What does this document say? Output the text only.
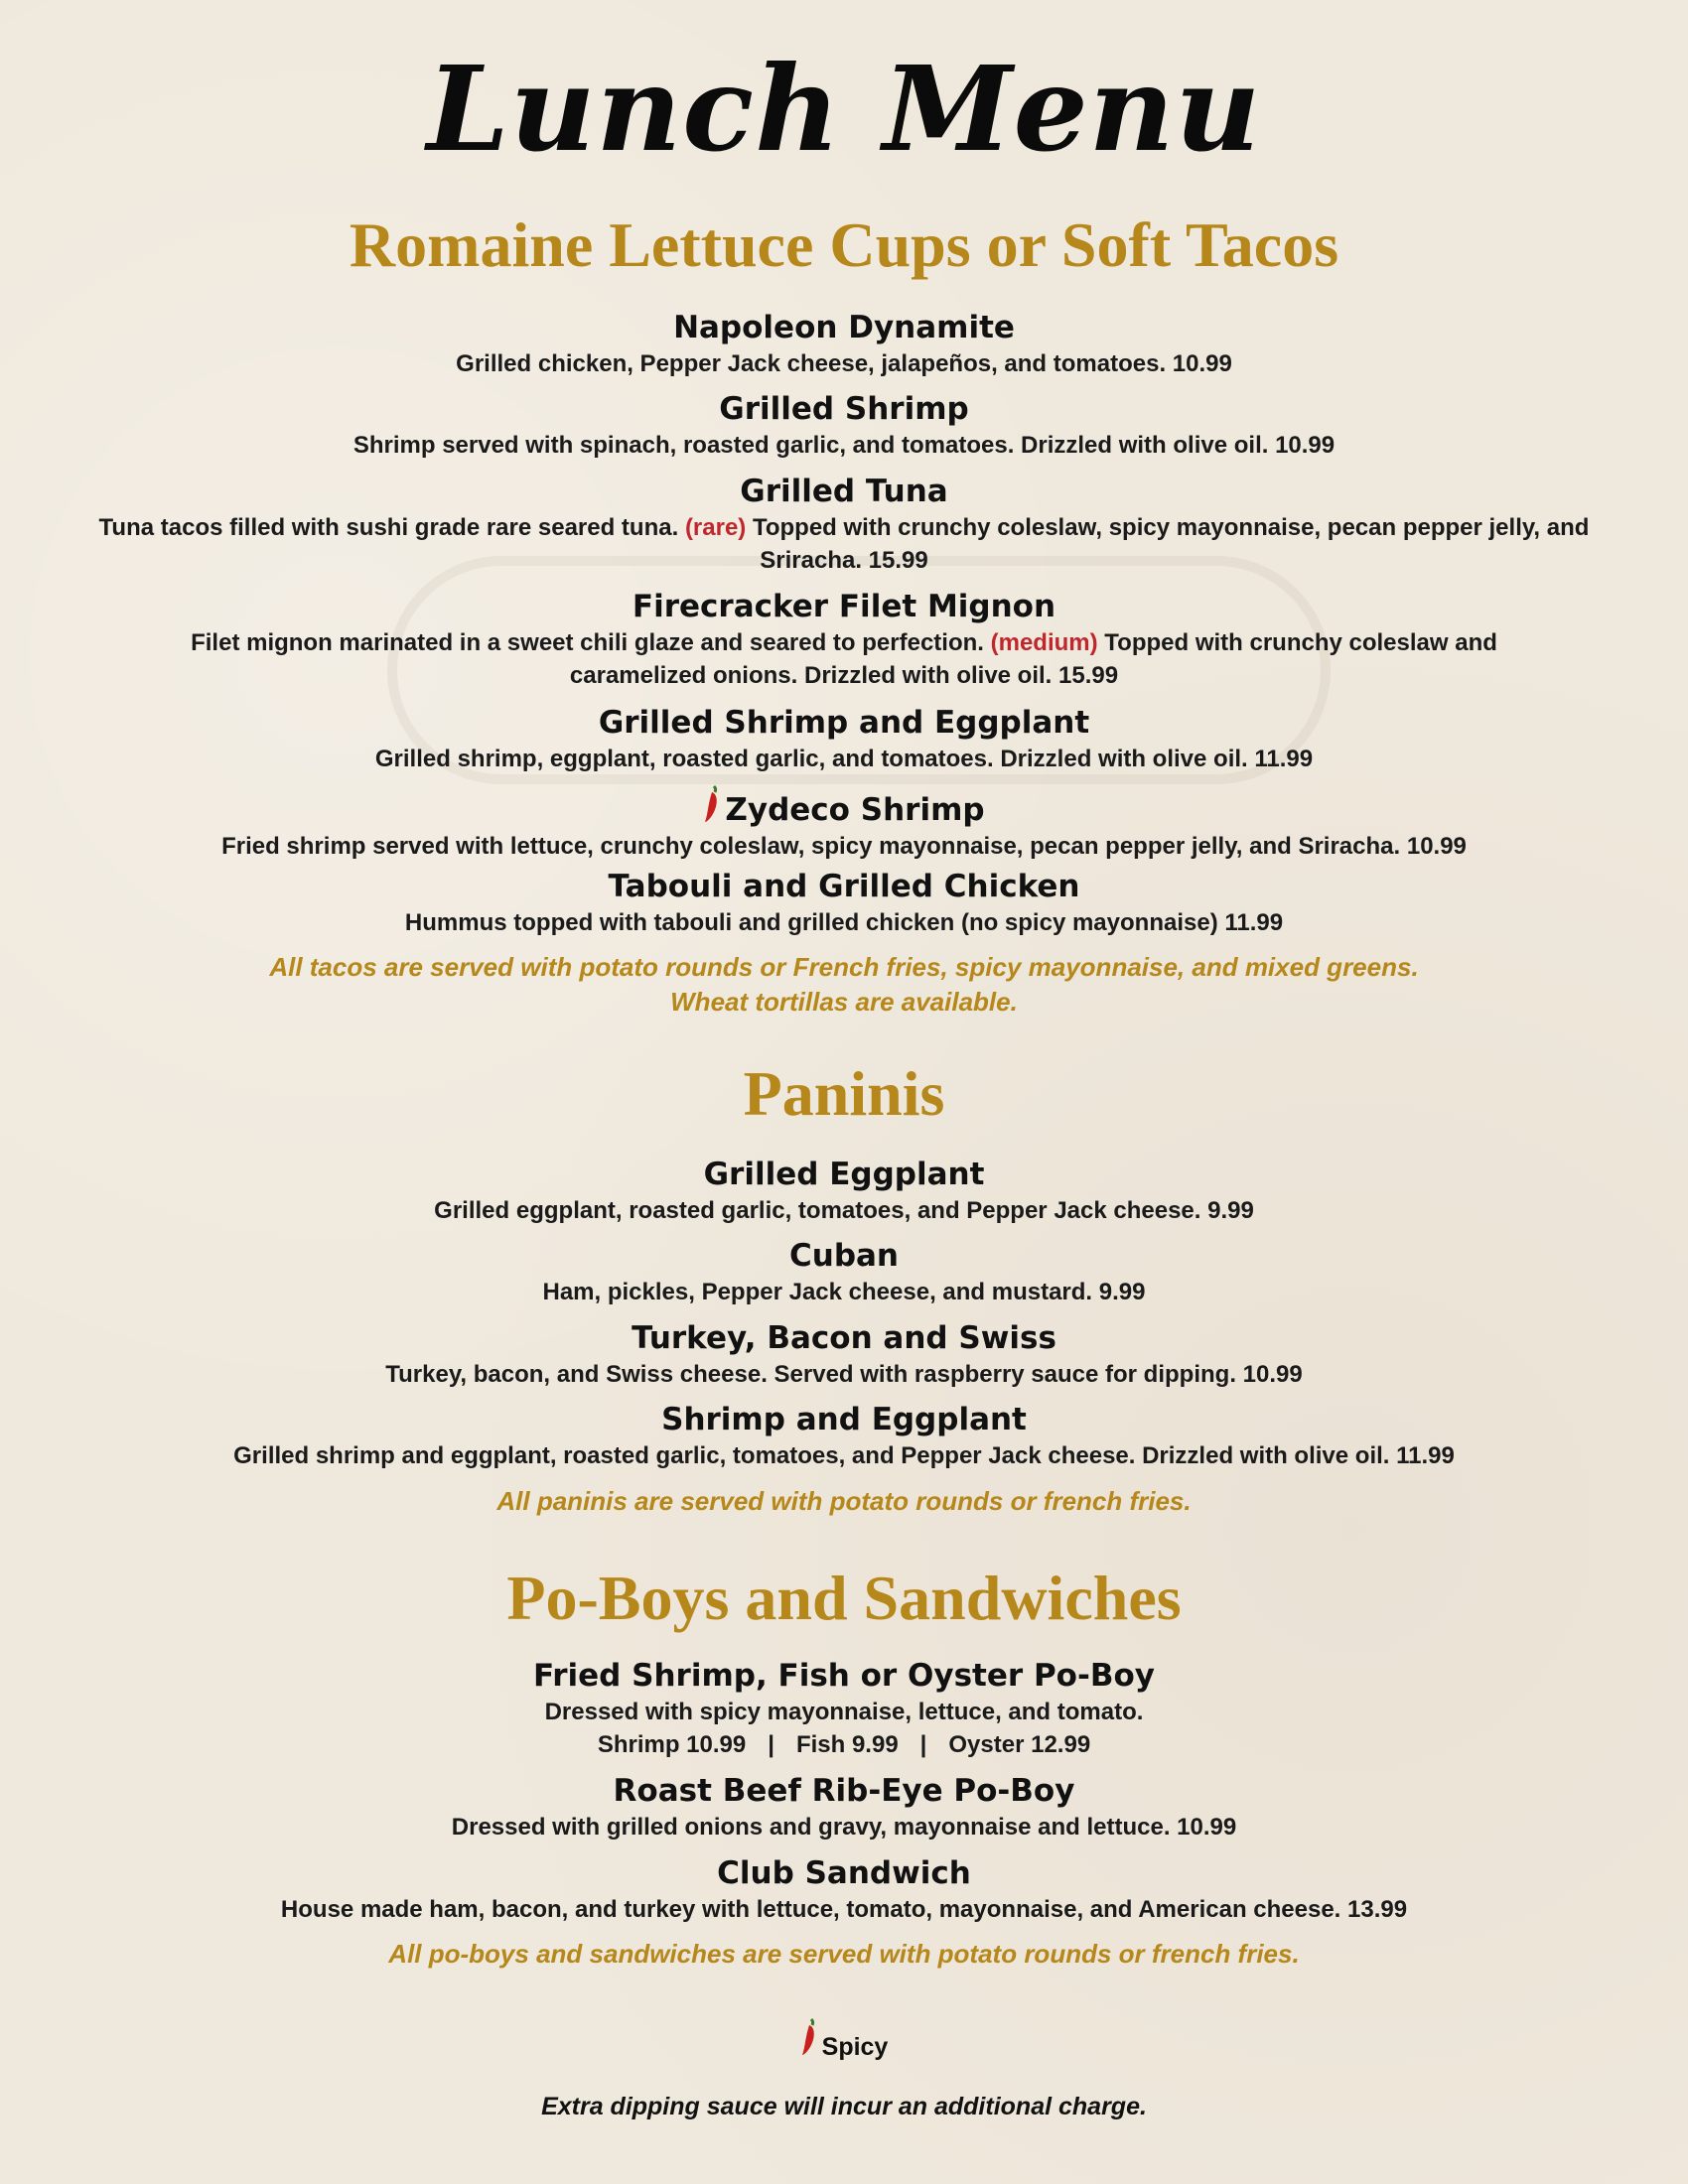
Lunch Menu
Romaine Lettuce Cups or Soft Tacos
Napoleon Dynamite
Grilled chicken, Pepper Jack cheese, jalapeños, and tomatoes. 10.99
Grilled Shrimp
Shrimp served with spinach, roasted garlic, and tomatoes. Drizzled with olive oil. 10.99
Grilled Tuna
Tuna tacos filled with sushi grade rare seared tuna. (rare) Topped with crunchy coleslaw, spicy mayonnaise, pecan pepper jelly, and Sriracha. 15.99
Firecracker Filet Mignon
Filet mignon marinated in a sweet chili glaze and seared to perfection. (medium) Topped with crunchy coleslaw and caramelized onions. Drizzled with olive oil. 15.99
Grilled Shrimp and Eggplant
Grilled shrimp, eggplant, roasted garlic, and tomatoes. Drizzled with olive oil. 11.99
Zydeco Shrimp
Fried shrimp served with lettuce, crunchy coleslaw, spicy mayonnaise, pecan pepper jelly, and Sriracha. 10.99
Tabouli and Grilled Chicken
Hummus topped with tabouli and grilled chicken (no spicy mayonnaise) 11.99
All tacos are served with potato rounds or French fries, spicy mayonnaise, and mixed greens.
Wheat tortillas are available.
Paninis
Grilled Eggplant
Grilled eggplant, roasted garlic, tomatoes, and Pepper Jack cheese. 9.99
Cuban
Ham, pickles, Pepper Jack cheese, and mustard. 9.99
Turkey, Bacon and Swiss
Turkey, bacon, and Swiss cheese. Served with raspberry sauce for dipping. 10.99
Shrimp and Eggplant
Grilled shrimp and eggplant, roasted garlic, tomatoes, and Pepper Jack cheese. Drizzled with olive oil. 11.99
All paninis are served with potato rounds or french fries.
Po-Boys and Sandwiches
Fried Shrimp, Fish or Oyster Po-Boy
Dressed with spicy mayonnaise, lettuce, and tomato.
Shrimp 10.99 | Fish 9.99 | Oyster 12.99
Roast Beef Rib-Eye Po-Boy
Dressed with grilled onions and gravy, mayonnaise and lettuce. 10.99
Club Sandwich
House made ham, bacon, and turkey with lettuce, tomato, mayonnaise, and American cheese. 13.99
All po-boys and sandwiches are served with potato rounds or french fries.
Spicy
Extra dipping sauce will incur an additional charge.
